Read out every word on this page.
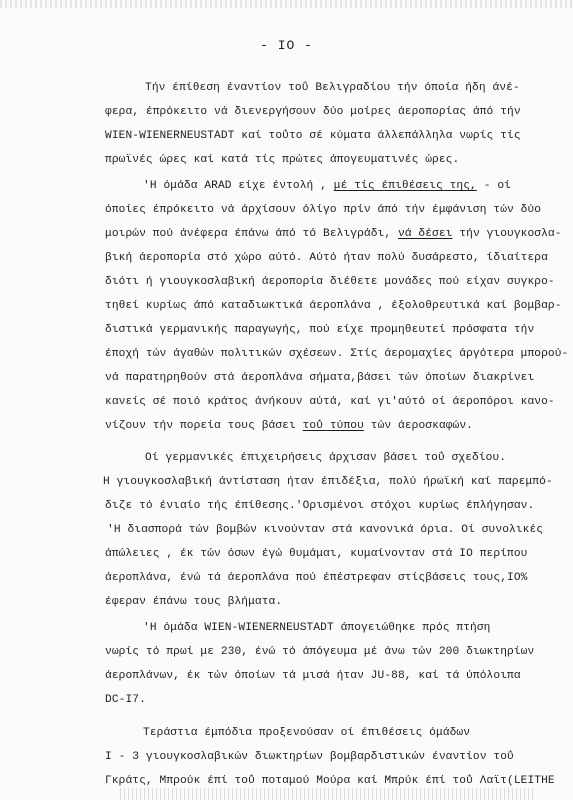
- IO -
Τήν έπίθεση έναντίον τοΰ Βελιγραδίου τήν όποία ήδη άνέ-
φερα, έπρόκειτο νά διενεργήσουν δύο μοίρες άεροπορίας άπό τήν
WIEN-WIENERNEUSTADT καί τοΰτο σέ κύματα άλλεπάλληλα νωρίς τίς
πρωϊνές ώρες καί κατά τίς πρώτες άπογευματινές ώρες.
'Η όμάδα ARAD είχε έντολή , μέ τίς έπιθέσεις της, - οί
όποίες έπρόκειτο νά άρχίσουν όλίγο πρίν άπό τήν έμφάνιση τών δύο
μοιρών πού άνέφερα έπάνω άπό τό Βελιγράδι, νά δέσει τήν γιουγκοσλα-
βική άεροπορία στό χώρο αύτό. Αύτό ήταν πολύ δυσάρεστο, ίδιαίτερα
διότι ή γιουγκοσλαβική άεροπορία διέθετε μονάδες πού είχαν συγκρο-
τηθεί κυρίως άπό καταδιωκτικά άεροπλάνα , έξολοθρευτικά καί βομβαρ-
διστικά γερμανικής παραγωγής, πού είχε προμηθευτεί πρόσφατα τήν
έποχή τών άγαθών πολιτικών σχέσεων. Στίς άερομαχίες άργότερα μπορού-
νά παρατηρηθούν στά άεροπλάνα σήματα,βάσει τών όποίων διακρίνει
κανείς σέ ποιό κράτος άνήκουν αύτά, καί γι'αύτό οί άεροπόροι κανο-
νίζουν τήν πορεία τους βάσει τοΰ τύπου τών άεροσκαφών.
Οί γερμανικές έπιχειρήσεις άρχισαν βάσει τοΰ σχεδίου.
Η γιουγκοσλαβική άντίσταση ήταν έπιδέξια, πολύ ήρωϊκή καί παρεμπό-
διζε τό ένιαίο τής έπίθεσης.'Ορισμένοι στόχοι κυρίως έπλήγησαν.
'Η διασπορά τών βομβών κινούνταν στά κανονικά όρια. Οί συνολικές
άπώλειες , έκ τών όσων έγώ θυμάμαι, κυμαίνονταν στά IO περίπου
άεροπλάνα, ένώ τά άεροπλάνα πού έπέστρεφαν στίςβάσεις τους,IO%
έφεραν έπάνω τους βλήματα.
'Η όμάδα WIEN-WIENERNEUSTADT άπογειώθηκε πρός πτήση
νωρίς τό πρωί με 230, ένώ τό άπόγευμα μέ άνω τών 200 διωκτηρίων
άεροπλάνων, έκ τών όποίων τά μισά ήταν JU-88, καί τά ύπόλοιπα
DC-I7.
Τεράστια έμπόδια προξενούσαν οί έπιθέσεις όμάδων
I - 3 γιουγκοσλαβικών διωκτηρίων βομβαρδιστικών έναντίον τοΰ
Γκράτς, Μπρούκ έπί τοΰ ποταμού Μούρα καί Μπρύκ έπί τοΰ Λαϊτ(LEITHE
